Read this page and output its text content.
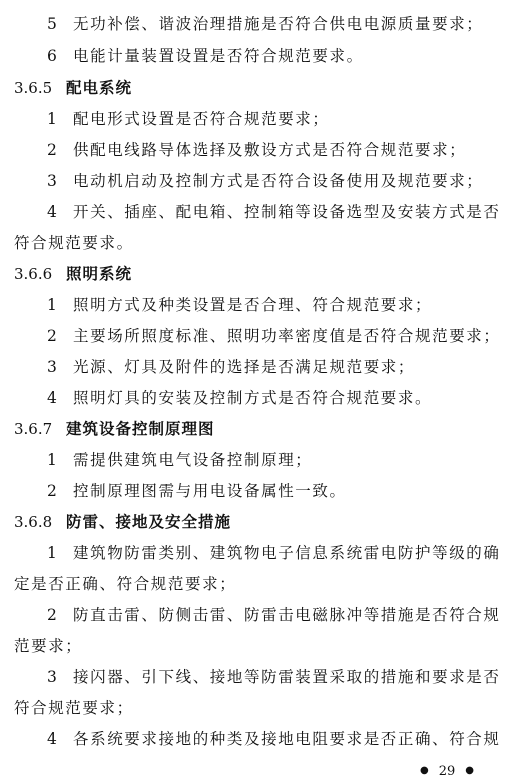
5 无功补偿、谐波治理措施是否符合供电电源质量要求；
6 电能计量装置设置是否符合规范要求。
3.6.5 配电系统
1 配电形式设置是否符合规范要求；
2 供配电线路导体选择及敷设方式是否符合规范要求；
3 电动机启动及控制方式是否符合设备使用及规范要求；
4 开关、插座、配电箱、控制箱等设备选型及安装方式是否
符合规范要求。
3.6.6 照明系统
1 照明方式及种类设置是否合理、符合规范要求；
2 主要场所照度标准、照明功率密度值是否符合规范要求；
3 光源、灯具及附件的选择是否满足规范要求；
4 照明灯具的安装及控制方式是否符合规范要求。
3.6.7 建筑设备控制原理图
1 需提供建筑电气设备控制原理；
2 控制原理图需与用电设备属性一致。
3.6.8 防雷、接地及安全措施
1 建筑物防雷类别、建筑物电子信息系统雷电防护等级的确
定是否正确、符合规范要求；
2 防直击雷、防侧击雷、防雷击电磁脉冲等措施是否符合规
范要求；
3 接闪器、引下线、接地等防雷装置采取的措施和要求是否
符合规范要求；
4 各系统要求接地的种类及接地电阻要求是否正确、符合规
● 29 ●
